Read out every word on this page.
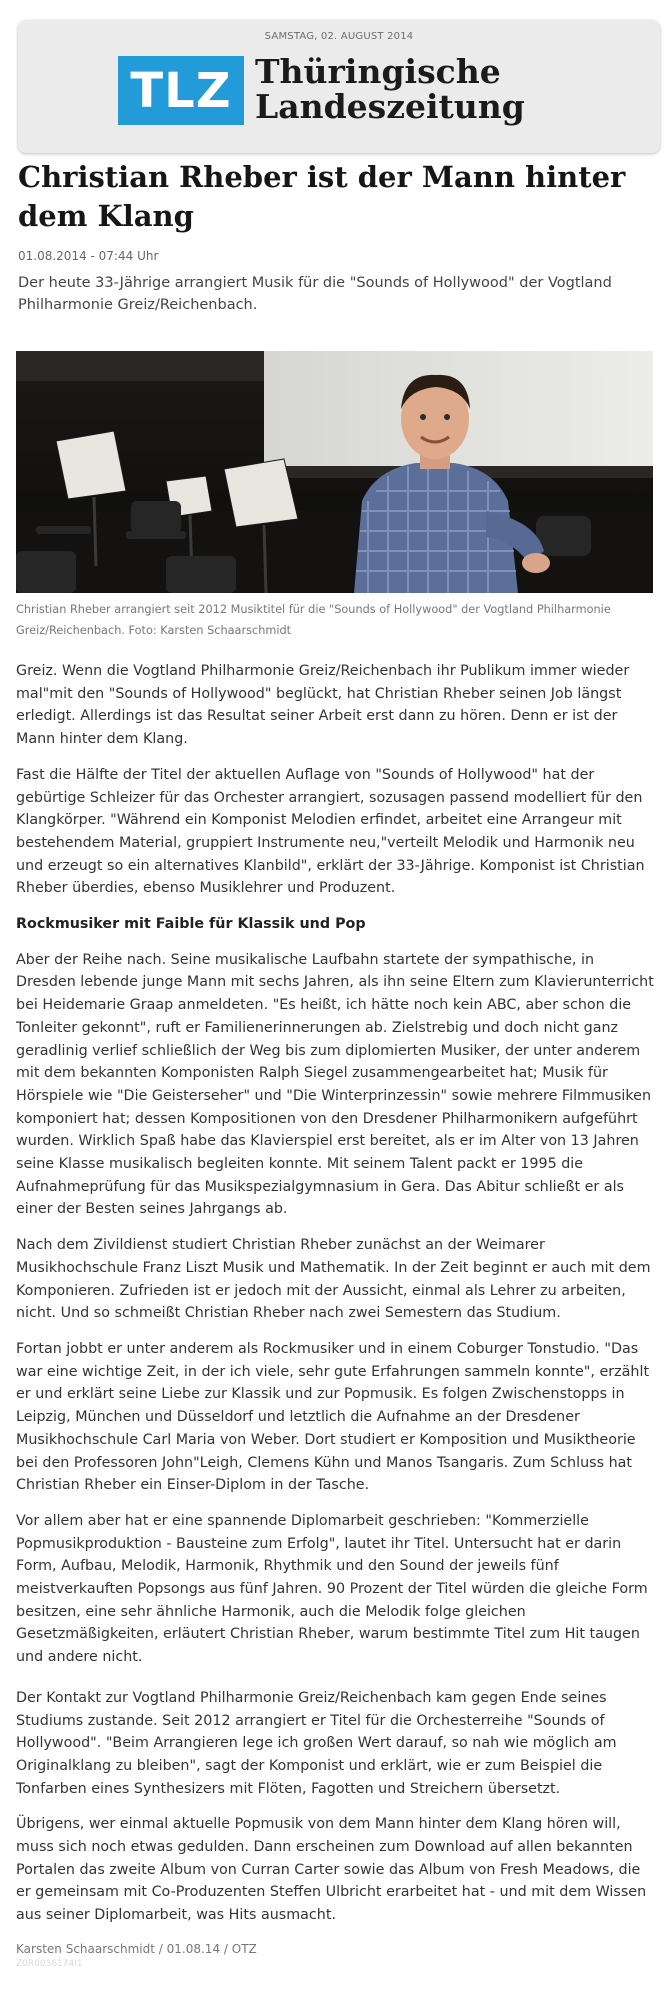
SAMSTAG, 02. AUGUST 2014
TLZ Thüringische
Landeszeitung
Christian Rheber ist der Mann hinter dem Klang
01.08.2014 - 07:44 Uhr

Der heute 33-Jährige arrangiert Musik für die "Sounds of Hollywood" der Vogtland Philharmonie Greiz/Reichenbach.

Christian Rheber arrangiert seit 2012 Musiktitel für die "Sounds of Hollywood" der Vogtland Philharmonie Greiz/Reichenbach. Foto: Karsten Schaarschmidt

Greiz. Wenn die Vogtland Philharmonie Greiz/Reichenbach ihr Publikum immer wieder mal"mit den "Sounds of Hollywood" beglückt, hat Christian Rheber seinen Job längst erledigt. Allerdings ist das Resultat seiner Arbeit erst dann zu hören. Denn er ist der Mann hinter dem Klang.

Fast die Hälfte der Titel der aktuellen Auflage von "Sounds of Hollywood" hat der gebürtige Schleizer für das Orchester arrangiert, sozusagen passend modelliert für den Klangkörper. "Während ein Komponist Melodien erfindet, arbeitet eine Arrangeur mit bestehendem Material, gruppiert Instrumente neu,"verteilt Melodik und Harmonik neu und erzeugt so ein alternatives Klanbild", erklärt der 33-Jährige. Komponist ist Christian Rheber überdies, ebenso Musiklehrer und Produzent.

Rockmusiker mit Faible für Klassik und Pop

Aber der Reihe nach. Seine musikalische Laufbahn startete der sympathische, in Dresden lebende junge Mann mit sechs Jahren, als ihn seine Eltern zum Klavierunterricht bei Heidemarie Graap anmeldeten. "Es heißt, ich hätte noch kein ABC, aber schon die Tonleiter gekonnt", ruft er Familienerinnerungen ab. Zielstrebig und doch nicht ganz geradlinig verlief schließlich der Weg bis zum diplomierten Musiker, der unter anderem mit dem bekannten Komponisten Ralph Siegel zusammengearbeitet hat; Musik für Hörspiele wie "Die Geisterseher" und "Die Winterprinzessin" sowie mehrere Filmmusiken komponiert hat; dessen Kompositionen von den Dresdener Philharmonikern aufgeführt wurden. Wirklich Spaß habe das Klavierspiel erst bereitet, als er im Alter von 13 Jahren seine Klasse musikalisch begleiten konnte. Mit seinem Talent packt er 1995 die Aufnahmeprüfung für das Musikspezialgymnasium in Gera. Das Abitur schließt er als einer der Besten seines Jahrgangs ab.

Nach dem Zivildienst studiert Christian Rheber zunächst an der Weimarer Musikhochschule Franz Liszt Musik und Mathematik. In der Zeit beginnt er auch mit dem Komponieren. Zufrieden ist er jedoch mit der Aussicht, einmal als Lehrer zu arbeiten, nicht. Und so schmeißt Christian Rheber nach zwei Semestern das Studium.

Fortan jobbt er unter anderem als Rockmusiker und in einem Coburger Tonstudio. "Das war eine wichtige Zeit, in der ich viele, sehr gute Erfahrungen sammeln konnte", erzählt er und erklärt seine Liebe zur Klassik und zur Popmusik. Es folgen Zwischenstopps in Leipzig, München und Düsseldorf und letztlich die Aufnahme an der Dresdener Musikhochschule Carl Maria von Weber. Dort studiert er Komposition und Musiktheorie bei den Professoren John"Leigh, Clemens Kühn und Manos Tsangaris. Zum Schluss hat Christian Rheber ein Einser-Diplom in der Tasche.

Vor allem aber hat er eine spannende Diplomarbeit geschrieben: "Kommerzielle Popmusikproduktion - Bausteine zum Erfolg", lautet ihr Titel. Untersucht hat er darin Form, Aufbau, Melodik, Harmonik, Rhythmik und den Sound der jeweils fünf meistverkauften Popsongs aus fünf Jahren. 90 Prozent der Titel würden die gleiche Form besitzen, eine sehr ähnliche Harmonik, auch die Melodik folge gleichen Gesetzmäßigkeiten, erläutert Christian Rheber, warum bestimmte Titel zum Hit taugen und andere nicht.

Der Kontakt zur Vogtland Philharmonie Greiz/Reichenbach kam gegen Ende seines Studiums zustande. Seit 2012 arrangiert er Titel für die Orchesterreihe "Sounds of Hollywood". "Beim Arrangieren lege ich großen Wert darauf, so nah wie möglich am Originalklang zu bleiben", sagt der Komponist und erklärt, wie er zum Beispiel die Tonfarben eines Synthesizers mit Flöten, Fagotten und Streichern übersetzt.

Übrigens, wer einmal aktuelle Popmusik von dem Mann hinter dem Klang hören will, muss sich noch etwas gedulden. Dann erscheinen zum Download auf allen bekannten Portalen das zweite Album von Curran Carter sowie das Album von Fresh Meadows, die er gemeinsam mit Co-Produzenten Steffen Ulbricht erarbeitet hat - und mit dem Wissen aus seiner Diplomarbeit, was Hits ausmacht.

Karsten Schaarschmidt / 01.08.14 / OTZ
Z0R0036174I1
